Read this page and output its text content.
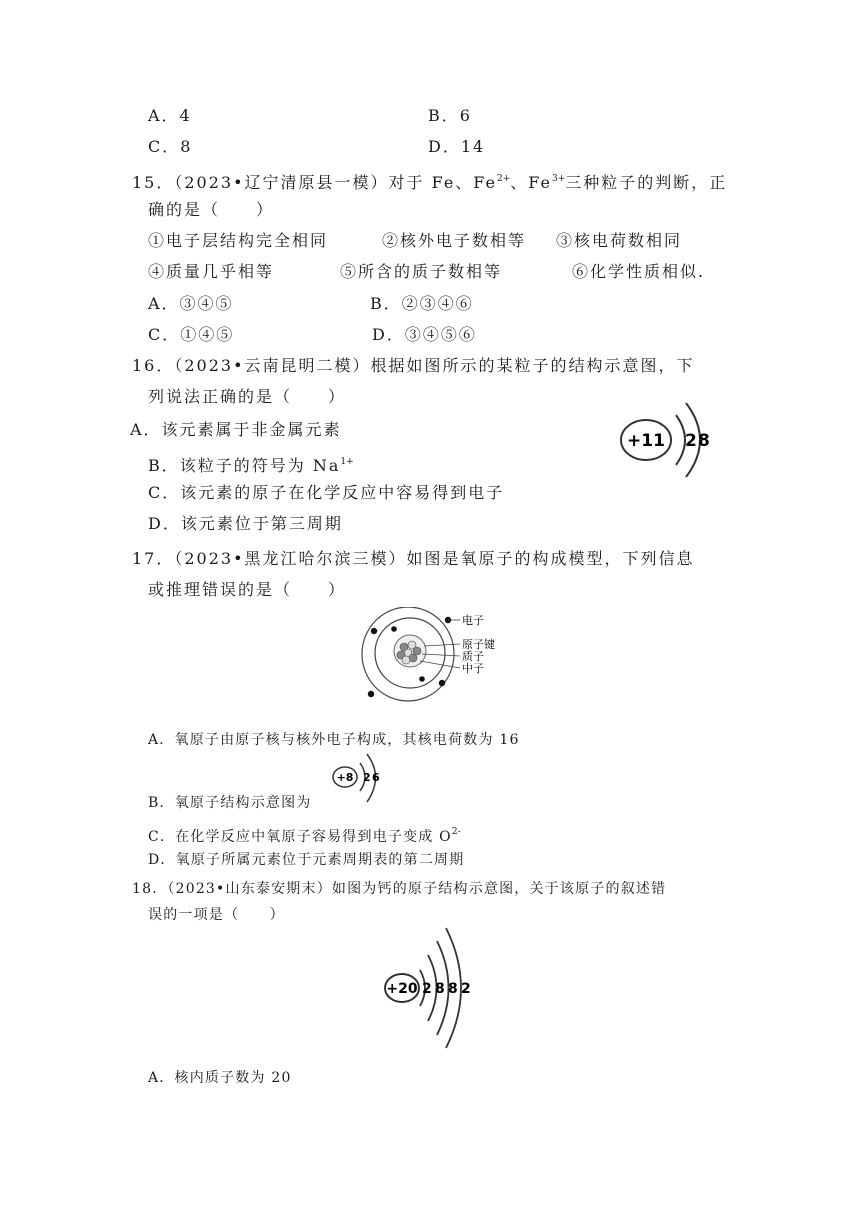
A．4	B．6
C．8	D．14
15．（2023•辽宁清原县一模）对于 Fe、$Fe^{2+}$、$Fe^{3+}$三种粒子的判断，正
确的是（　　）
①电子层结构完全相同	②核外电子数相等 ③核电荷数相同
④质量几乎相等	⑤所含的质子数相等	⑥化学性质相似.
A．③④⑤	B．②③④⑥
C．①④⑤	D．③④⑤⑥
16．（2023•云南昆明二模）根据如图所示的某粒子的结构示意图，下
列说法正确的是（　　）
A．该元素属于非金属元素
B．该粒子的符号为 $Na^{1+}$
C．该元素的原子在化学反应中容易得到电子
D．该元素位于第三周期
+11 2 8
17．（2023•黑龙江哈尔滨三模）如图是氧原子的构成模型，下列信息
或推理错误的是（　　）
电子
原子键
质子
中子
A．氧原子由原子核与核外电子构成，其核电荷数为 16
+8 2 6
B．氧原子结构示意图为
C．在化学反应中氧原子容易得到电子变成 $O^{2-}$
D．氧原子所属元素位于元素周期表的第二周期
18．（2023•山东泰安期末）如图为钙的原子结构示意图，关于该原子的叙述错
误的一项是（　　）
+20 2 8 8 2
A．核内质子数为 20
